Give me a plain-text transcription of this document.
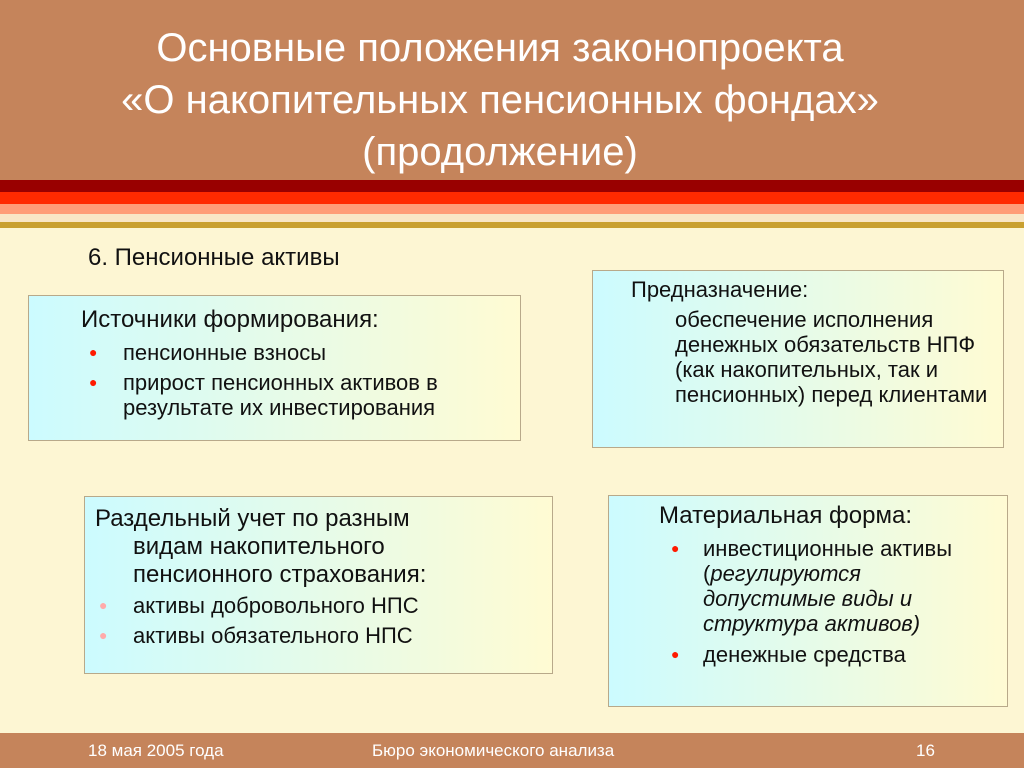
Основные положения законопроекта
«О накопительных пенсионных фондах»
(продолжение)
6. Пенсионные активы
Источники формирования:
● пенсионные взносы
● прирост пенсионных активов в результате их инвестирования
Предназначение:
обеспечение исполнения денежных обязательств НПФ (как накопительных, так и пенсионных) перед клиентами
Раздельный учет по разным
видам накопительного пенсионного страхования:
● активы добровольного НПС
● активы обязательного НПС
Материальная форма:
● инвестиционные активы
(регулируются допустимые виды и структура активов)
● денежные средства
18 мая 2005 года	Бюро экономического анализа	16
